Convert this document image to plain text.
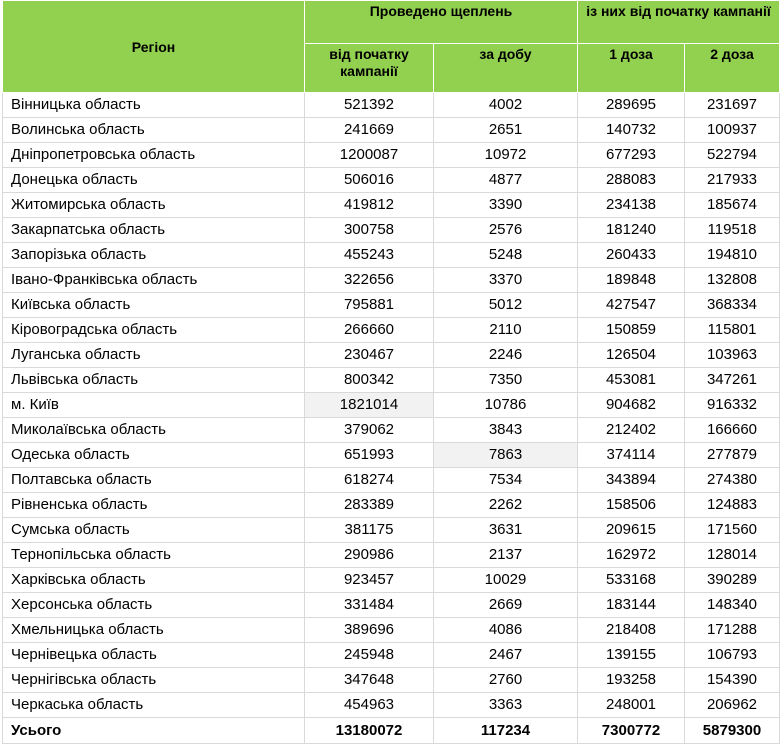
Регіон	Проведено щеплень		із них від початку кампанії	
	від початку кампанії	за добу	1 доза	2 доза
Вінницька область	521392	4002	289695	231697
Волинська область	241669	2651	140732	100937
Дніпропетровська область	1200087	10972	677293	522794
Донецька область	506016	4877	288083	217933
Житомирська область	419812	3390	234138	185674
Закарпатська область	300758	2576	181240	119518
Запорізька область	455243	5248	260433	194810
Івано-Франківська область	322656	3370	189848	132808
Київська область	795881	5012	427547	368334
Кіровоградська область	266660	2110	150859	115801
Луганська область	230467	2246	126504	103963
Львівська область	800342	7350	453081	347261
м. Київ	1821014	10786	904682	916332
Миколаївська область	379062	3843	212402	166660
Одеська область	651993	7863	374114	277879
Полтавська область	618274	7534	343894	274380
Рівненська область	283389	2262	158506	124883
Сумська область	381175	3631	209615	171560
Тернопільська область	290986	2137	162972	128014
Харківська область	923457	10029	533168	390289
Херсонська область	331484	2669	183144	148340
Хмельницька область	389696	4086	218408	171288
Чернівецька область	245948	2467	139155	106793
Чернігівська область	347648	2760	193258	154390
Черкаська область	454963	3363	248001	206962
Усього	13180072	117234	7300772	5879300
